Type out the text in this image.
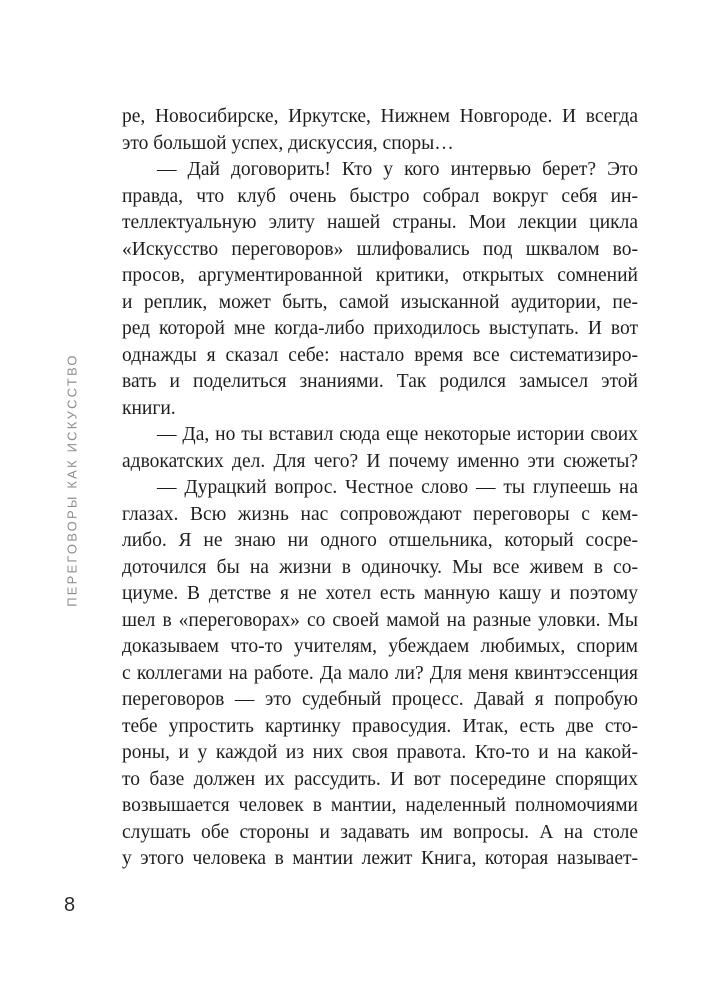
ПЕРЕГОВОРЫ КАК ИСКУССТВО
ре, Новосибирске, Иркутске, Нижнем Новгороде. И всегда
это большой успех, дискуссия, споры…
— Дай договорить! Кто у кого интервью берет? Это
правда, что клуб очень быстро собрал вокруг себя ин-
теллектуальную элиту нашей страны. Мои лекции цикла
«Искусство переговоров» шлифовались под шквалом во-
просов, аргументированной критики, открытых сомнений
и реплик, может быть, самой изысканной аудитории, пе-
ред которой мне когда-либо приходилось выступать. И вот
однажды я сказал себе: настало время все систематизиро-
вать и поделиться знаниями. Так родился замысел этой
книги.
— Да, но ты вставил сюда еще некоторые истории своих
адвокатских дел. Для чего? И почему именно эти сюжеты?
— Дурацкий вопрос. Честное слово — ты глупеешь на
глазах. Всю жизнь нас сопровождают переговоры с кем-
либо. Я не знаю ни одного отшельника, который сосре-
доточился бы на жизни в одиночку. Мы все живем в со-
циуме. В детстве я не хотел есть манную кашу и поэтому
шел в «переговорах» со своей мамой на разные уловки. Мы
доказываем что-то учителям, убеждаем любимых, спорим
с коллегами на работе. Да мало ли? Для меня квинтэссенция
переговоров — это судебный процесс. Давай я попробую
тебе упростить картинку правосудия. Итак, есть две сто-
роны, и у каждой из них своя правота. Кто-то и на какой-
то базе должен их рассудить. И вот посередине спорящих
возвышается человек в мантии, наделенный полномочиями
слушать обе стороны и задавать им вопросы. А на столе
у этого человека в мантии лежит Книга, которая называет-
8
